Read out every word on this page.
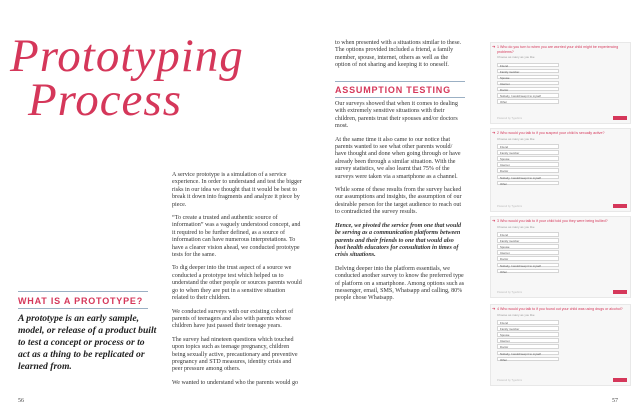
Prototyping
Process

A service prototype is a simulation of a service experience. In order to understand and test the bigger risks in our idea we thought that it would be best to break it down into fragments and analyze it piece by piece.

“To create a trusted and authentic source of information” was a vaguely understood concept, and it required to be further defined, as a source of information can have numerous interpretations. To have a clearer vision ahead, we conducted prototype tests for the same.

To dig deeper into the trust aspect of a source we conducted a prototype test which helped us to understand the other people or sources parents would go to when they are put in a sensitive situation related to their children.

We conducted surveys with our existing cohort of parents of teenagers and also with parents whose children have just passed their teenage years.

The survey had nineteen questions which touched upon topics such as teenage pregnancy, children being sexually active, precautionary and preventive pregnancy and STD measures, identity crisis and peer pressure among others.

We wanted to understand who the parents would go

WHAT IS A PROTOTYPE?
A prototype is an early sample, model, or release of a product built to test a concept or process or to act as a thing to be replicated or learned from.
56
to when presented with a situations similar to these. The options provided included a friend, a family member, spouse, internet, others as well as the option of not sharing and keeping it to oneself.
ASSUMPTION TESTING

Our surveys showed that when it comes to dealing with extremely sensitive situations with their children, parents trust their spouses and/or doctors most.

At the same time it also came to our notice that parents wanted to see what other parents would/ have thought and done when going through or have already been through a similar situation. With the survey statistics, we also learnt that 75% of the surveys were taken via a smartphone as a channel.

While some of these results from the survey backed our assumptions and insights, the assumption of our desirable person for the target audience to reach out to contradicted the survey results.

Hence, we pivoted the service from one that would be serving as a communication platforms between parents and their friends to one that would also host health educators for consultation in times of crisis situations.

Delving deeper into the platform essentials, we conducted another survey to know the preferred type of platform on a smartphone. Among options such as messenger, email, SMS, Whatsapp and calling, 80% people chose Whatsapp.

➔ 1 Who do you turn to when you are worried your child might be experiencing problems?
Choose as many as you like
Friend
Family member
Spouse
Internet
Doctor
Nobody, I would keep it to myself
Other
Powered by Typeform
➔ 2 Who would you talk to if you suspect your child is sexually active?
Choose as many as you like
Friend
Family member
Spouse
Internet
Doctor
Nobody, I would keep it to myself
Other
Powered by Typeform
➔ 3 Who would you talk to if your child told you they were being bullied?
Choose as many as you like
Friend
Family member
Spouse
Internet
Doctor
Nobody, I would keep it to myself
Other
Powered by Typeform
➔ 4 Who would you talk to if you found out your child was using drugs or alcohol?
Choose as many as you like
Friend
Family member
Spouse
Internet
Doctor
Nobody, I would keep it to myself
Other
Powered by Typeform
57
